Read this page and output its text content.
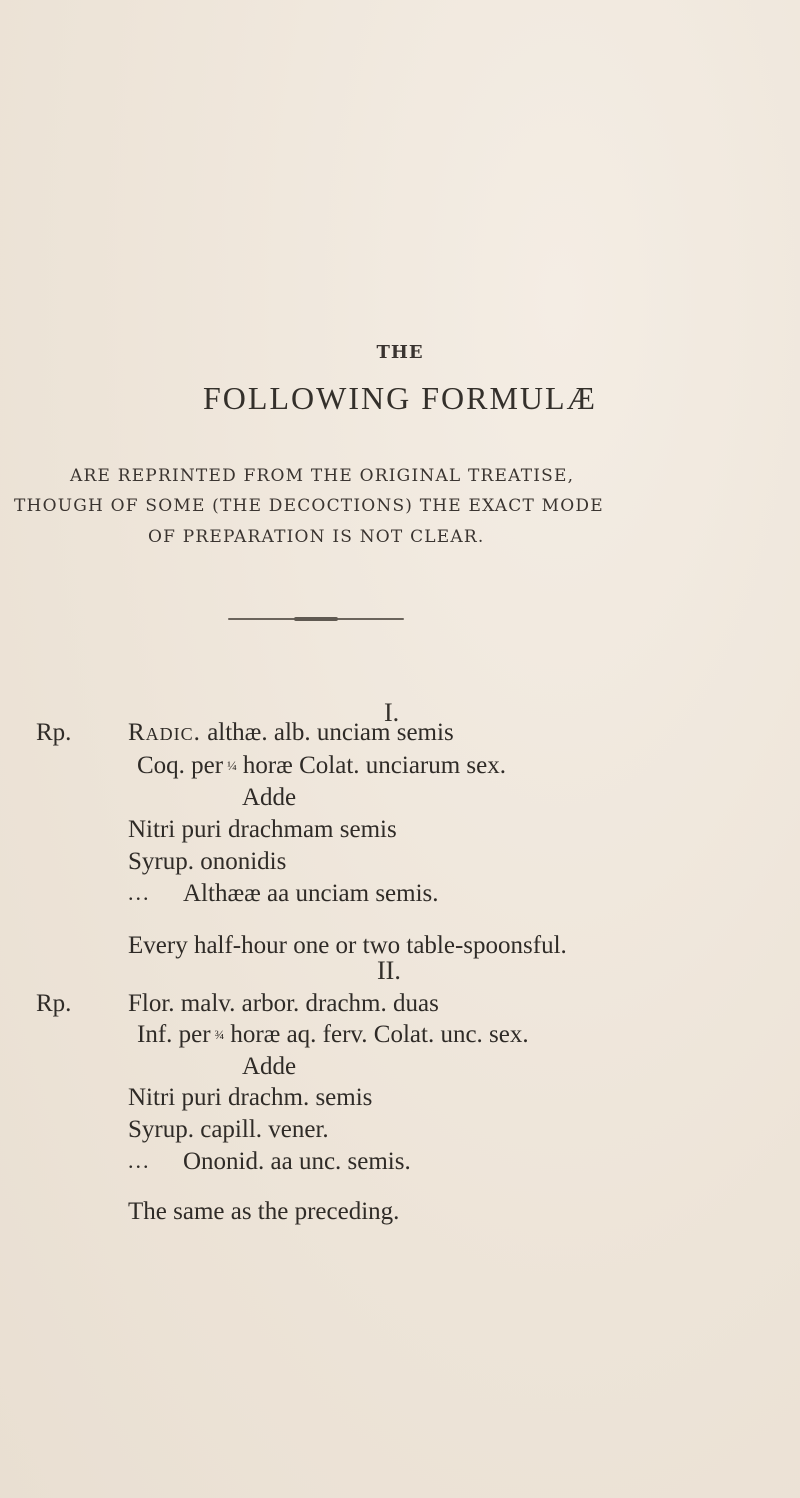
THE
FOLLOWING FORMULÆ
ARE REPRINTED FROM THE ORIGINAL TREATISE,
THOUGH OF SOME (THE DECOCTIONS) THE EXACT MODE
OF PREPARATION IS NOT CLEAR.
I.
Rp. Radic. althæ. alb. unciam semis
Coq. per ¼ horæ Colat. unciarum sex.
Adde
Nitri puri drachmam semis
Syrup. ononidis
... Althææ aa unciam semis.
Every half-hour one or two table-spoonsful.
II.
Rp. Flor. malv. arbor. drachm. duas
Inf. per ¾ horæ aq. ferv. Colat. unc. sex.
Adde
Nitri puri drachm. semis
Syrup. capill. vener.
... Ononid. aa unc. semis.
The same as the preceding.
